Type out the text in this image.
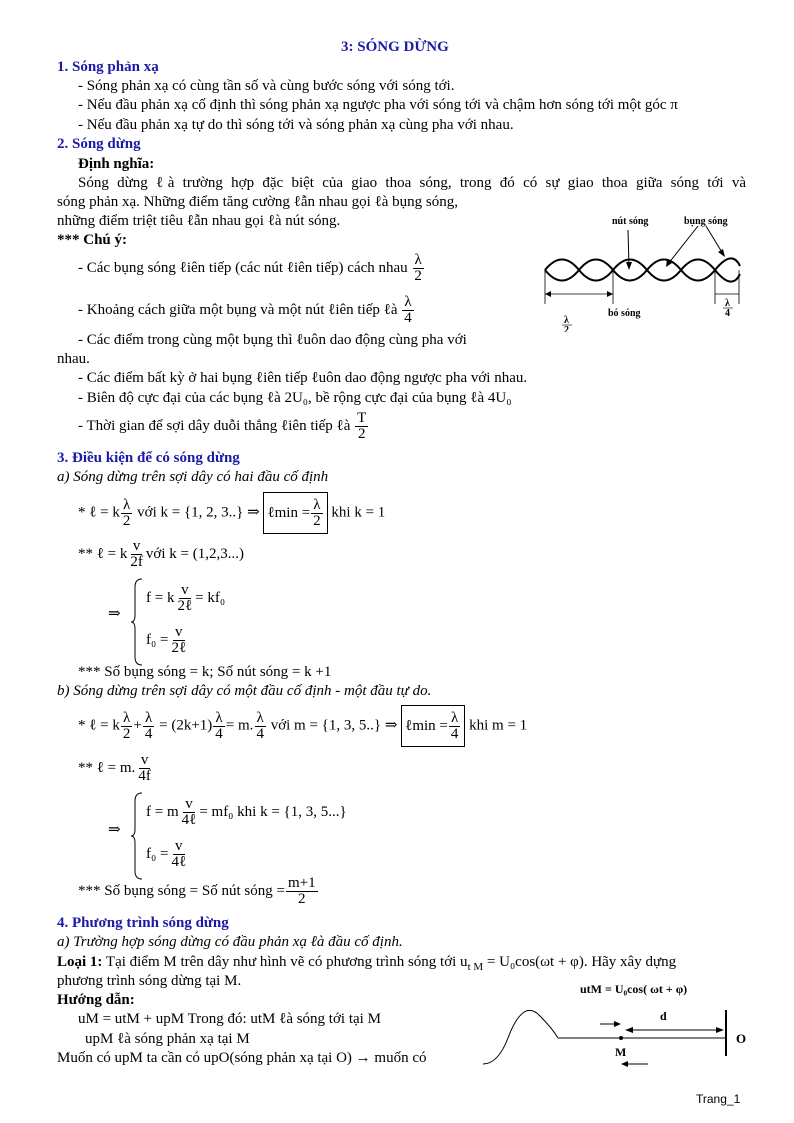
3: SÓNG DỪNG
1. Sóng phản xạ
- Sóng phản xạ có cùng tần số và cùng bước sóng với sóng tới.
- Nếu đầu phản xạ cố định thì sóng phản xạ ngược pha với sóng tới và chậm hơn sóng tới một góc π
- Nếu đầu phản xạ tự do thì sóng tới và sóng phản xạ cùng pha với nhau.
2. Sóng dừng
Định nghĩa:
Sóng dừng ℓà trường hợp đặc biệt của giao thoa sóng, trong đó có sự giao thoa giữa sóng tới và
sóng phản xạ. Những điểm tăng cường ℓẫn nhau gọi ℓà bụng sóng,
những điểm triệt tiêu ℓẫn nhau gọi ℓà nút sóng.
*** Chú ý:
- Các bụng sóng ℓiên tiếp (các nút ℓiên tiếp) cách nhau $\frac{\lambda}{2}$
- Khoảng cách giữa một bụng và một nút ℓiên tiếp ℓà $\frac{\lambda}{4}$
- Các điểm trong cùng một bụng thì ℓuôn dao động cùng pha với
nhau.
- Các điểm bất kỳ ở hai bụng ℓiên tiếp ℓuôn dao động ngược pha với nhau.
- Biên độ cực đại của các bụng ℓà 2U₀, bề rộng cực đại của bụng ℓà 4U₀
- Thời gian để sợi dây duỗi thẳng ℓiên tiếp ℓà $\frac{T}{2}$
nút sóng	bụng sóng
bó sóng
λ
2
λ
4
3. Điều kiện để có sóng dừng
a) Sóng dừng trên sợi dây có hai đầu cố định
* ℓ = k $\frac{\lambda}{2}$ với k = {1, 2, 3..} ⇒ ℓmin = $\frac{\lambda}{2}$ khi k = 1
** ℓ = k $\frac{v}{2f}$ với k = (1,2,3...)
⇒
f = k $\frac{v}{\text{2ℓ}} = kf_0$
$f_0 = \frac{v}{\text{2ℓ}}$
*** Số bụng sóng = k; Số nút sóng = k +1
b) Sóng dừng trên sợi dây có một đầu cố định - một đầu tự do.
* ℓ = k $\frac{\lambda}{2} + \frac{\lambda}{4} = (2k+1) \frac{\lambda}{4} = m$. $\frac{\lambda}{4}$ với m = {1, 3, 5..} ⇒ ℓmin = $\frac{\lambda}{4}$ khi m = 1
** ℓ = m. $\frac{v}{4f}$
⇒
f = m $\frac{v}{\text{4ℓ}} = mf_0$ khi k = {1, 3, 5...}
$f_0 = \frac{v}{\text{4ℓ}}$
*** Số bụng sóng = Số nút sóng = $\frac{m+1}{2}$
4. Phương trình sóng dừng
a) Trường hợp sóng dừng có đầu phản xạ ℓà đầu cố định.
Loại 1: Tại điểm M trên dây như hình vẽ có phương trình sóng tới $u_{t M} = U_0\cos(\omega t + \varphi)$. Hãy xây dựng
phương trình sóng dừng tại M.
Hướng dẫn:
uM = utM + upM Trong đó: utM ℓà sóng tới tại M
upM ℓà sóng phản xạ tại M
Muốn có upM ta cần có upO(sóng phản xạ tại O) → muốn có
utM = U₀cos( ωt + φ)
d
M
O
Trang_1
